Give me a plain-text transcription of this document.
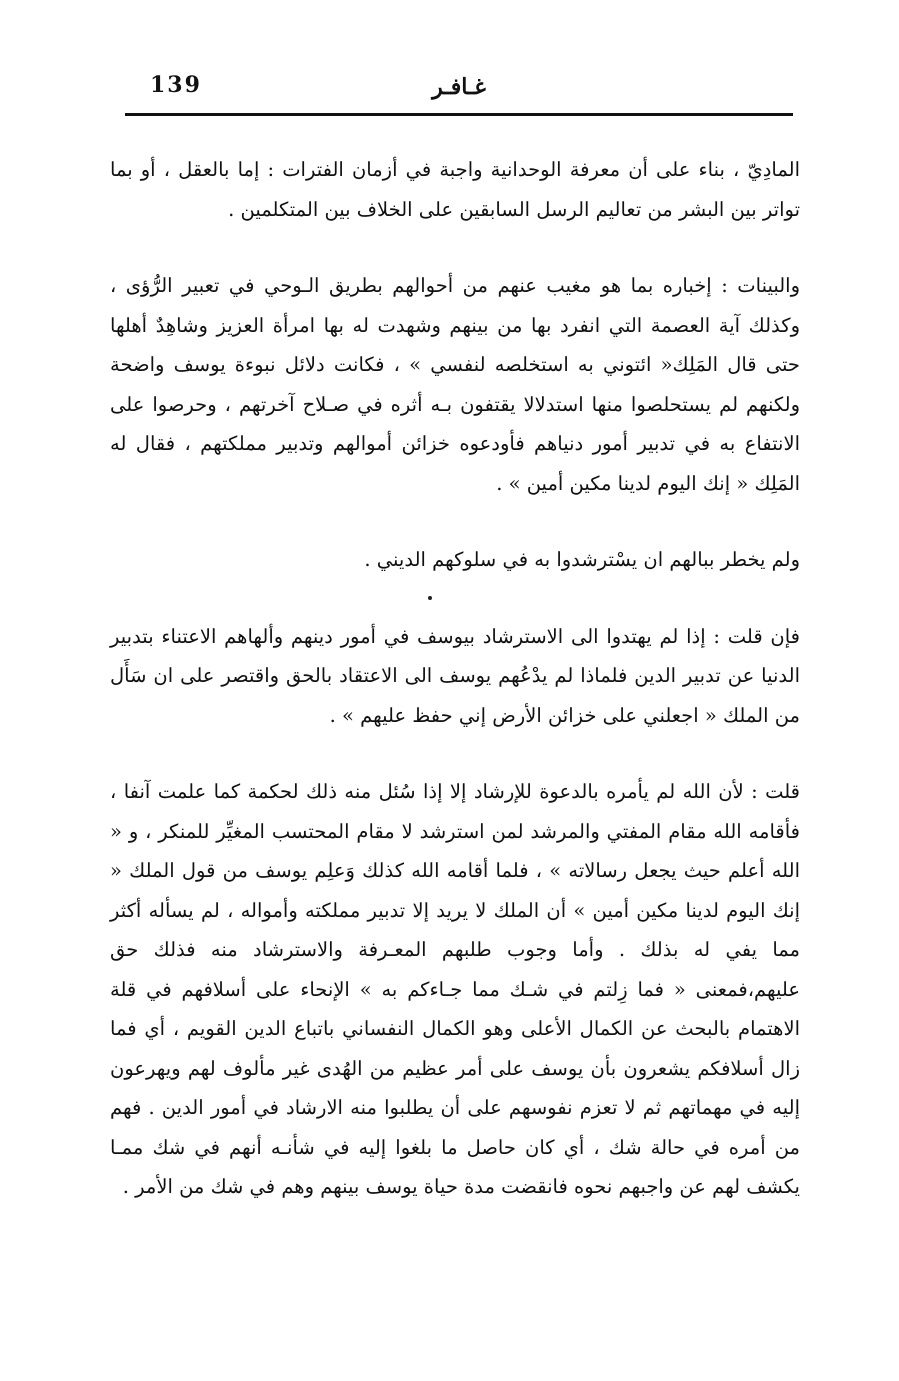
139	غـافـر

المادِيّ ، بناء على أن معرفة الوحدانية واجبة في أزمان الفترات : إما بالعقل ، أو بما تواتر بين البشر من تعاليم الرسل السابقين على الخلاف بين المتكلمين .

والبينات : إخباره بما هو مغيب عنهم من أحوالهم بطريق الـوحي في تعبير الرُّؤى ، وكذلك آية العصمة التي انفرد بها من بينهم وشهدت له بها امرأة العزيز وشاهِدٌ أهلها حتى قال المَلِك« ائتوني به استخلصه لنفسي » ، فكانت دلائل نبوءة يوسف واضحة ولكنهم لم يستحلصوا منها استدلالا يقتفون بـه أثره في صـلاح آخرتهم ، وحرصوا على الانتفاع به في تدبير أمور دنياهم فأودعوه خزائن أموالهم وتدبير مملكتهم ، فقال له المَلِك « إنك اليوم لدينا مكين أمين » .

ولم يخطر ببالهم ان يسْترشدوا به في سلوكهم الديني .

فإن قلت : إذا لم يهتدوا الى الاسترشاد بيوسف في أمور دينهم وألهاهم الاعتناء بتدبير الدنيا عن تدبير الدين فلماذا لم يدْعُهم يوسف الى الاعتقاد بالحق واقتصر على ان سَأَل من الملك « اجعلني على خزائن الأرض إني حفظ عليهم » .

قلت : لأن الله لم يأمره بالدعوة للإرشاد إلا إذا سُئل منه ذلك لحكمة كما علمت آنفا ، فأقامه الله مقام المفتي والمرشد لمن استرشد لا مقام المحتسب المغيِّر للمنكر ، و « الله أعلم حيث يجعل رسالاته » ، فلما أقامه الله كذلك وَعلِم يوسف من قول الملك « إنك اليوم لدينا مكين أمين » أن الملك لا يريد إلا تدبير مملكته وأمواله ، لم يسأله أكثر مما يفي له بذلك . وأما وجوب طلبهم المعـرفة والاسترشاد منه فذلك حق عليهم،فمعنى « فما زِلتم في شـك مما جـاءكم به » الإنحاء على أسلافهم في قلة الاهتمام بالبحث عن الكمال الأعلى وهو الكمال النفساني باتباع الدين القويم ، أي فما زال أسلافكم يشعرون بأن يوسف على أمر عظيم من الهُدى غير مألوف لهم ويهرعون إليه في مهماتهم ثم لا تعزم نفوسهم على أن يطلبوا منه الارشاد في أمور الدين . فهم من أمره في حالة شك ، أي كان حاصل ما بلغوا إليه في شأنـه أنهم في شك ممـا يكشف لهم عن واجبهم نحوه فانقضت مدة حياة يوسف بينهم وهم في شك من الأمر .
